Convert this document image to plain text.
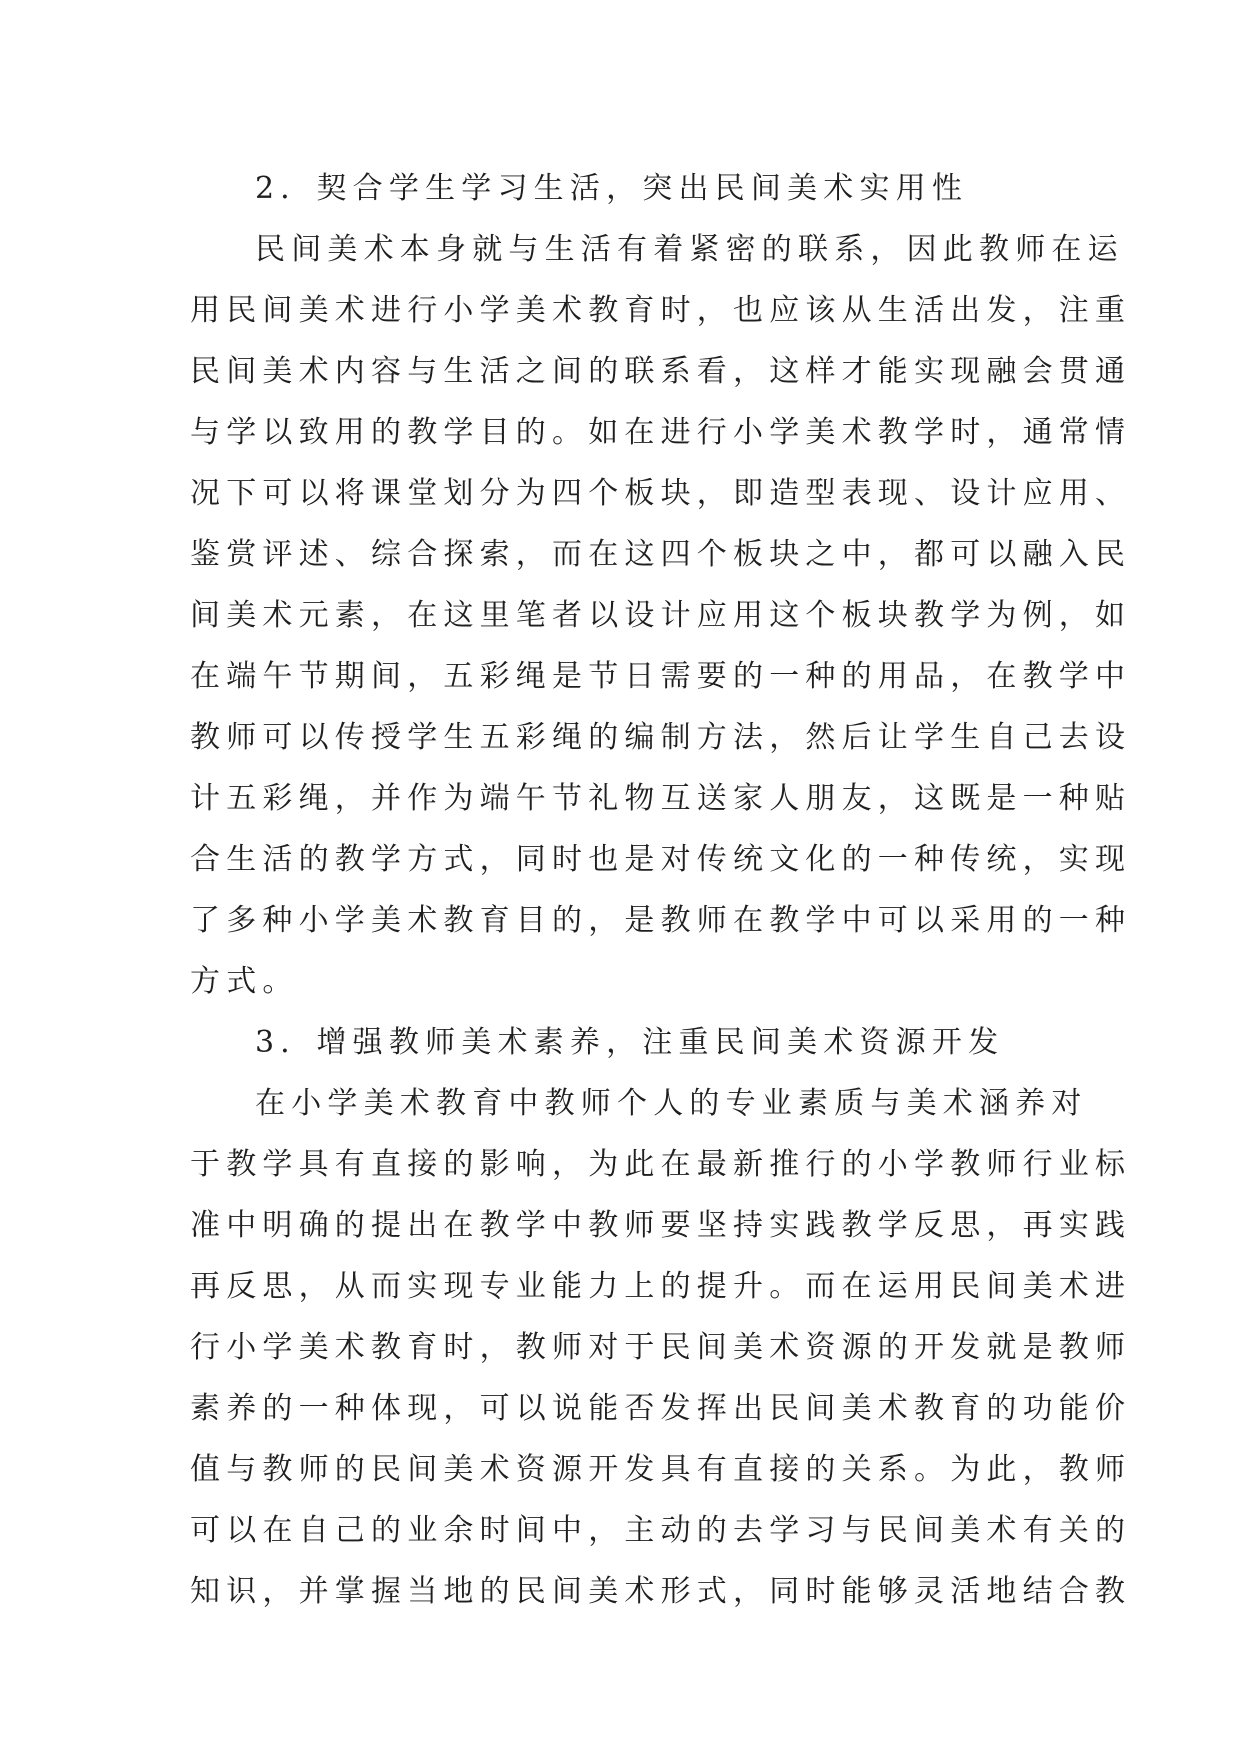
2．契合学生学习生活，突出民间美术实用性
民间美术本身就与生活有着紧密的联系，因此教师在运
用民间美术进行小学美术教育时，也应该从生活出发，注重
民间美术内容与生活之间的联系看，这样才能实现融会贯通
与学以致用的教学目的。如在进行小学美术教学时，通常情
况下可以将课堂划分为四个板块，即造型表现、设计应用、
鉴赏评述、综合探索，而在这四个板块之中，都可以融入民
间美术元素，在这里笔者以设计应用这个板块教学为例，如
在端午节期间，五彩绳是节日需要的一种的用品，在教学中
教师可以传授学生五彩绳的编制方法，然后让学生自己去设
计五彩绳，并作为端午节礼物互送家人朋友，这既是一种贴
合生活的教学方式，同时也是对传统文化的一种传统，实现
了多种小学美术教育目的，是教师在教学中可以采用的一种
方式。
3．增强教师美术素养，注重民间美术资源开发
在小学美术教育中教师个人的专业素质与美术涵养对
于教学具有直接的影响，为此在最新推行的小学教师行业标
准中明确的提出在教学中教师要坚持实践教学反思，再实践
再反思，从而实现专业能力上的提升。而在运用民间美术进
行小学美术教育时，教师对于民间美术资源的开发就是教师
素养的一种体现，可以说能否发挥出民间美术教育的功能价
值与教师的民间美术资源开发具有直接的关系。为此，教师
可以在自己的业余时间中，主动的去学习与民间美术有关的
知识，并掌握当地的民间美术形式，同时能够灵活地结合教
